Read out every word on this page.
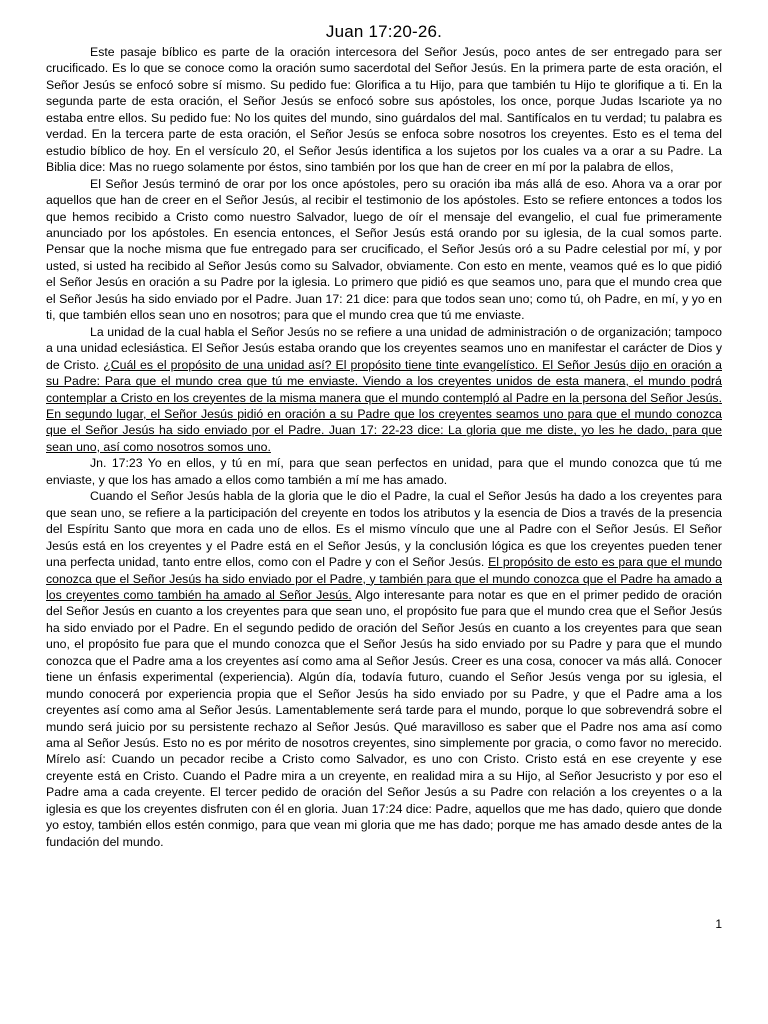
Juan 17:20-26.

Este pasaje bíblico es parte de la oración intercesora del Señor Jesús, poco antes de ser entregado para ser crucificado. Es lo que se conoce como la oración sumo sacerdotal del Señor Jesús. En la primera parte de esta oración, el Señor Jesús se enfocó sobre sí mismo. Su pedido fue: Glorifica a tu Hijo, para que también tu Hijo te glorifique a ti. En la segunda parte de esta oración, el Señor Jesús se enfocó sobre sus apóstoles, los once, porque Judas Iscariote ya no estaba entre ellos. Su pedido fue: No los quites del mundo, sino guárdalos del mal. Santifícalos en tu verdad; tu palabra es verdad. En la tercera parte de esta oración, el Señor Jesús se enfoca sobre nosotros los creyentes. Esto es el tema del estudio bíblico de hoy. En el versículo 20, el Señor Jesús identifica a los sujetos por los cuales va a orar a su Padre. La Biblia dice: Mas no ruego solamente por éstos, sino también por los que han de creer en mí por la palabra de ellos,

El Señor Jesús terminó de orar por los once apóstoles, pero su oración iba más allá de eso. Ahora va a orar por aquellos que han de creer en el Señor Jesús, al recibir el testimonio de los apóstoles. Esto se refiere entonces a todos los que hemos recibido a Cristo como nuestro Salvador, luego de oír el mensaje del evangelio, el cual fue primeramente anunciado por los apóstoles. En esencia entonces, el Señor Jesús está orando por su iglesia, de la cual somos parte. Pensar que la noche misma que fue entregado para ser crucificado, el Señor Jesús oró a su Padre celestial por mí, y por usted, si usted ha recibido al Señor Jesús como su Salvador, obviamente. Con esto en mente, veamos qué es lo que pidió el Señor Jesús en oración a su Padre por la iglesia. Lo primero que pidió es que seamos uno, para que el mundo crea que el Señor Jesús ha sido enviado por el Padre. Juan 17: 21 dice: para que todos sean uno; como tú, oh Padre, en mí, y yo en ti, que también ellos sean uno en nosotros; para que el mundo crea que tú me enviaste.

La unidad de la cual habla el Señor Jesús no se refiere a una unidad de administración o de organización; tampoco a una unidad eclesiástica. El Señor Jesús estaba orando que los creyentes seamos uno en manifestar el carácter de Dios y de Cristo. ¿Cuál es el propósito de una unidad así? El propósito tiene tinte evangelístico. El Señor Jesús dijo en oración a su Padre: Para que el mundo crea que tú me enviaste. Viendo a los creyentes unidos de esta manera, el mundo podrá contemplar a Cristo en los creyentes de la misma manera que el mundo contempló al Padre en la persona del Señor Jesús. En segundo lugar, el Señor Jesús pidió en oración a su Padre que los creyentes seamos uno para que el mundo conozca que el Señor Jesús ha sido enviado por el Padre. Juan 17: 22-23 dice: La gloria que me diste, yo les he dado, para que sean uno, así como nosotros somos uno.

Jn. 17:23 Yo en ellos, y tú en mí, para que sean perfectos en unidad, para que el mundo conozca que tú me enviaste, y que los has amado a ellos como también a mí me has amado.

Cuando el Señor Jesús habla de la gloria que le dio el Padre, la cual el Señor Jesús ha dado a los creyentes para que sean uno, se refiere a la participación del creyente en todos los atributos y la esencia de Dios a través de la presencia del Espíritu Santo que mora en cada uno de ellos. Es el mismo vínculo que une al Padre con el Señor Jesús. El Señor Jesús está en los creyentes y el Padre está en el Señor Jesús, y la conclusión lógica es que los creyentes pueden tener una perfecta unidad, tanto entre ellos, como con el Padre y con el Señor Jesús. El propósito de esto es para que el mundo conozca que el Señor Jesús ha sido enviado por el Padre, y también para que el mundo conozca que el Padre ha amado a los creyentes como también ha amado al Señor Jesús. Algo interesante para notar es que en el primer pedido de oración del Señor Jesús en cuanto a los creyentes para que sean uno, el propósito fue para que el mundo crea que el Señor Jesús ha sido enviado por el Padre. En el segundo pedido de oración del Señor Jesús en cuanto a los creyentes para que sean uno, el propósito fue para que el mundo conozca que el Señor Jesús ha sido enviado por su Padre y para que el mundo conozca que el Padre ama a los creyentes así como ama al Señor Jesús. Creer es una cosa, conocer va más allá. Conocer tiene un énfasis experimental (experiencia). Algún día, todavía futuro, cuando el Señor Jesús venga por su iglesia, el mundo conocerá por experiencia propia que el Señor Jesús ha sido enviado por su Padre, y que el Padre ama a los creyentes así como ama al Señor Jesús. Lamentablemente será tarde para el mundo, porque lo que sobrevendrá sobre el mundo será juicio por su persistente rechazo al Señor Jesús. Qué maravilloso es saber que el Padre nos ama así como ama al Señor Jesús. Esto no es por mérito de nosotros creyentes, sino simplemente por gracia, o como favor no merecido. Mírelo así: Cuando un pecador recibe a Cristo como Salvador, es uno con Cristo. Cristo está en ese creyente y ese creyente está en Cristo. Cuando el Padre mira a un creyente, en realidad mira a su Hijo, al Señor Jesucristo y por eso el Padre ama a cada creyente. El tercer pedido de oración del Señor Jesús a su Padre con relación a los creyentes o a la iglesia es que los creyentes disfruten con él en gloria. Juan 17:24 dice: Padre, aquellos que me has dado, quiero que donde yo estoy, también ellos estén conmigo, para que vean mi gloria que me has dado; porque me has amado desde antes de la fundación del mundo.

1
